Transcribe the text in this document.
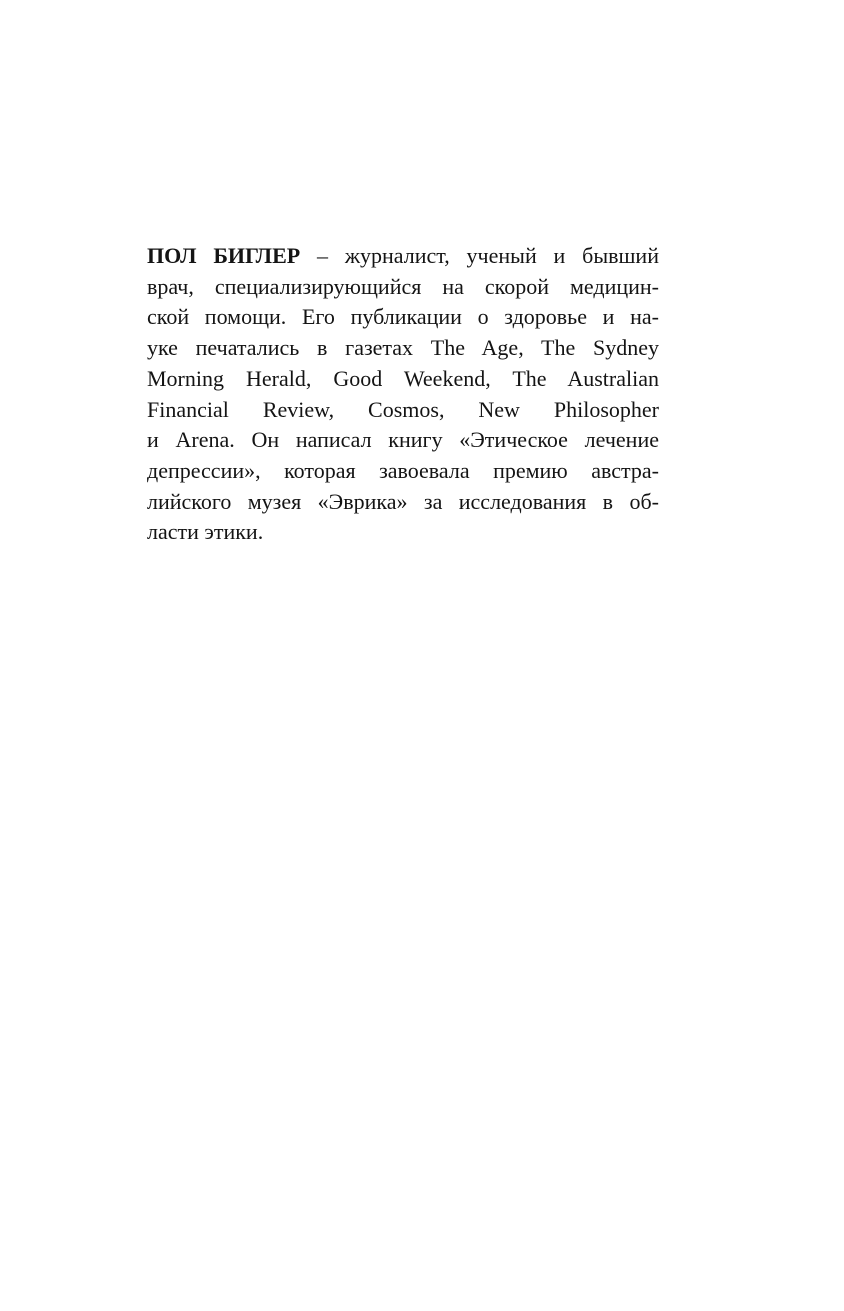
ПОЛ БИГЛЕР – журналист, ученый и бывший
врач, специализирующийся на скорой медицин-
ской помощи. Его публикации о здоровье и на-
уке печатались в газетах The Age, The Sydney
Morning Herald, Good Weekend, The Australian
Financial Review, Cosmos, New Philosopher
и Arena. Он написал книгу «Этическое лечение
депрессии», которая завоевала премию австра-
лийского музея «Эврика» за исследования в об-
ласти этики.
